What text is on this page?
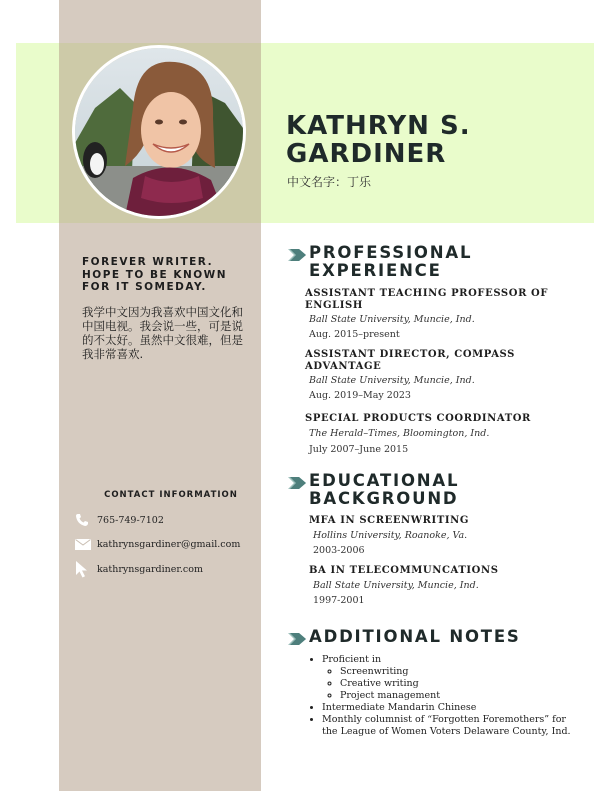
KATHRYN S. GARDINER
中文名字：丁乐

FOREVER WRITER. HOPE TO BE KNOWN FOR IT SOMEDAY.

我学中文因为我喜欢中国文化和中国电视。我会说一些，可是说的不太好。虽然中文很难，但是我非常喜欢.

CONTACT INFORMATION

765-749-7102
kathrynsgardiner@gmail.com
kathrynsgardiner.com
PROFESSIONAL EXPERIENCE

ASSISTANT TEACHING PROFESSOR OF ENGLISH

Ball State University, Muncie, Ind.

Aug. 2015–present

ASSISTANT DIRECTOR, COMPASS ADVANTAGE

Ball State University, Muncie, Ind.

Aug. 2019–May 2023

SPECIAL PRODUCTS COORDINATOR

The Herald–Times, Bloomington, Ind.

July 2007–June 2015

EDUCATIONAL BACKGROUND

MFA IN SCREENWRITING

Hollins University, Roanoke, Va.

2003-2006

BA IN TELECOMMUNCATIONS

Ball State University, Muncie, Ind.

1997-2001

ADDITIONAL NOTES
• Proficient in
◦ Screenwriting
◦ Creative writing
◦ Project management
• Intermediate Mandarin Chinese
• Monthly columnist of “Forgotten Foremothers” for the League of Women Voters Delaware County, Ind.
